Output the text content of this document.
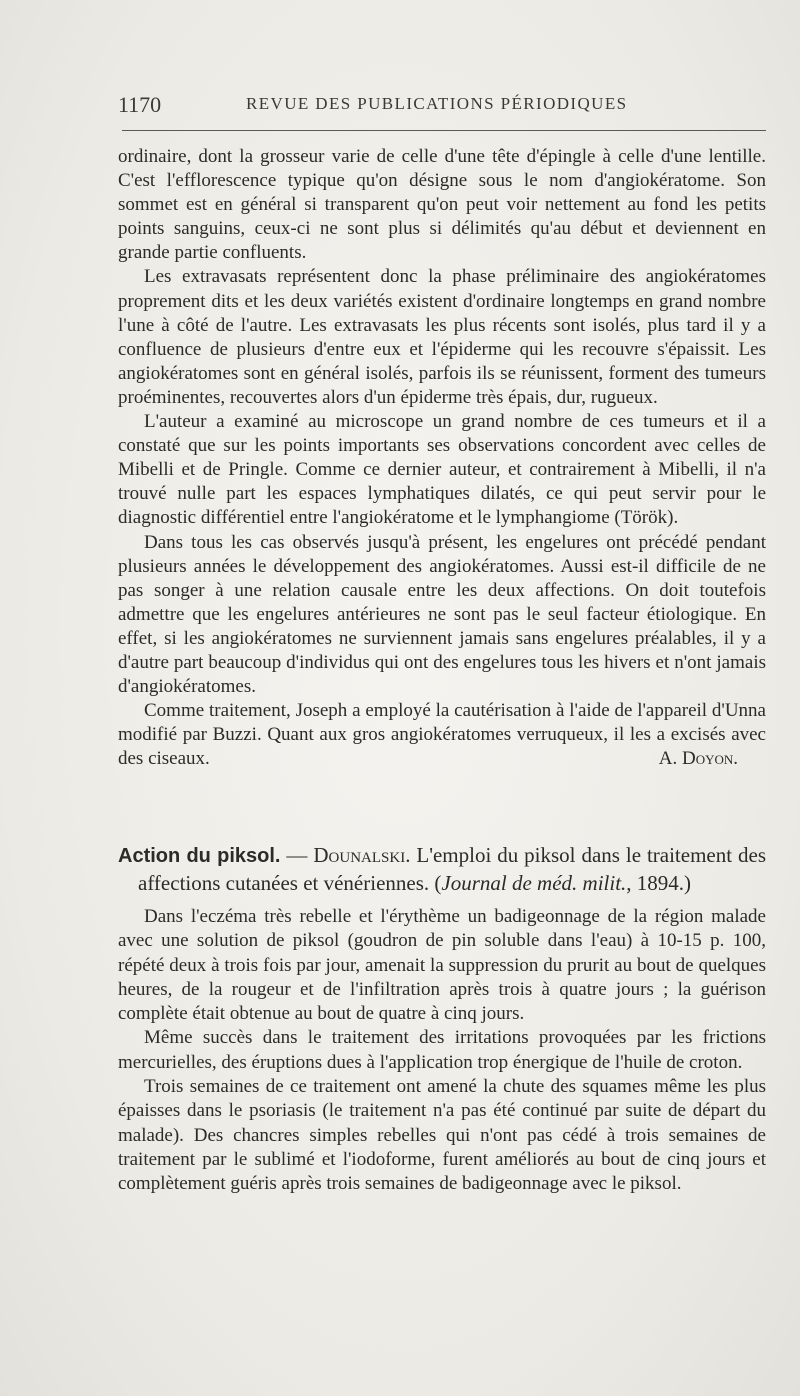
1170	REVUE DES PUBLICATIONS PÉRIODIQUES

ordinaire, dont la grosseur varie de celle d'une tête d'épingle à celle d'une lentille. C'est l'efflorescence typique qu'on désigne sous le nom d'angiokératome. Son sommet est en général si transparent qu'on peut voir nettement au fond les petits points sanguins, ceux-ci ne sont plus si délimités qu'au début et deviennent en grande partie confluents.

Les extravasats représentent donc la phase préliminaire des angiokératomes proprement dits et les deux variétés existent d'ordinaire longtemps en grand nombre l'une à côté de l'autre. Les extravasats les plus récents sont isolés, plus tard il y a confluence de plusieurs d'entre eux et l'épiderme qui les recouvre s'épaissit. Les angiokératomes sont en général isolés, parfois ils se réunissent, forment des tumeurs proéminentes, recouvertes alors d'un épiderme très épais, dur, rugueux.

L'auteur a examiné au microscope un grand nombre de ces tumeurs et il a constaté que sur les points importants ses observations concordent avec celles de Mibelli et de Pringle. Comme ce dernier auteur, et contrairement à Mibelli, il n'a trouvé nulle part les espaces lymphatiques dilatés, ce qui peut servir pour le diagnostic différentiel entre l'angiokératome et le lymphangiome (Török).

Dans tous les cas observés jusqu'à présent, les engelures ont précédé pendant plusieurs années le développement des angiokératomes. Aussi est-il difficile de ne pas songer à une relation causale entre les deux affections. On doit toutefois admettre que les engelures antérieures ne sont pas le seul facteur étiologique. En effet, si les angiokératomes ne surviennent jamais sans engelures préalables, il y a d'autre part beaucoup d'individus qui ont des engelures tous les hivers et n'ont jamais d'angiokératomes.

Comme traitement, Joseph a employé la cautérisation à l'aide de l'appareil d'Unna modifié par Buzzi. Quant aux gros angiokératomes verruqueux, il les a excisés avec des ciseaux.	A. Doyon.

Action du piksol. — Dounalski. L'emploi du piksol dans le traitement des affections cutanées et vénériennes. (Journal de méd. milit., 1894.)

Dans l'eczéma très rebelle et l'érythème un badigeonnage de la région malade avec une solution de piksol (goudron de pin soluble dans l'eau) à 10-15 p. 100, répété deux à trois fois par jour, amenait la suppression du prurit au bout de quelques heures, de la rougeur et de l'infiltration après trois à quatre jours ; la guérison complète était obtenue au bout de quatre à cinq jours.

Même succès dans le traitement des irritations provoquées par les frictions mercurielles, des éruptions dues à l'application trop énergique de l'huile de croton.

Trois semaines de ce traitement ont amené la chute des squames même les plus épaisses dans le psoriasis (le traitement n'a pas été continué par suite de départ du malade). Des chancres simples rebelles qui n'ont pas cédé à trois semaines de traitement par le sublimé et l'iodoforme, furent améliorés au bout de cinq jours et complètement guéris après trois semaines de badigeonnage avec le piksol.
